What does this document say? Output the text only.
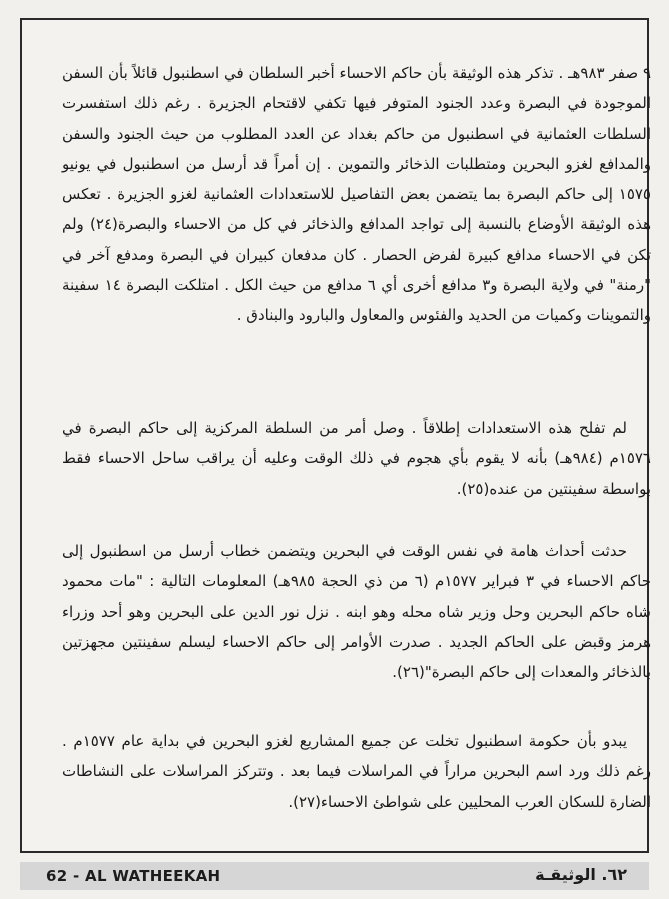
٩ صفر ٩٨٣هـ . تذكر هذه الوثيقة بأن حاكم الاحساء أخبر السلطان في اسطنبول قائلاً بأن السفن الموجودة في البصرة وعدد الجنود المتوفر فيها تكفي لاقتحام الجزيرة . رغم ذلك استفسرت السلطات العثمانية في اسطنبول من حاكم بغداد عن العدد المطلوب من حيث الجنود والسفن والمدافع لغزو البحرين ومتطلبات الذخائر والتموين . إن أمراً قد أرسل من اسطنبول في يونيو ١٥٧٥ إلى حاكم البصرة بما يتضمن بعض التفاصيل للاستعدادات العثمانية لغزو الجزيرة . تعكس هذه الوثيقة الأوضاع بالنسبة إلى تواجد المدافع والذخائر في كل من الاحساء والبصرة(٢٤) ولم تكن في الاحساء مدافع كبيرة لفرض الحصار . كان مدفعان كبيران في البصرة ومدفع آخر في "رمنة" في ولاية البصرة و٣ مدافع أخرى أي ٦ مدافع من حيث الكل . امتلكت البصرة ١٤ سفينة والتموينات وكميات من الحديد والفئوس والمعاول والبارود والبنادق .

لم تفلح هذه الاستعدادات إطلاقاً . وصل أمر من السلطة المركزية إلى حاكم البصرة في ١٥٧٦م (٩٨٤هـ) بأنه لا يقوم بأي هجوم في ذلك الوقت وعليه أن يراقب ساحل الاحساء فقط بواسطة سفينتين من عنده(٢٥).

حدثت أحداث هامة في نفس الوقت في البحرين ويتضمن خطاب أرسل من اسطنبول إلى حاكم الاحساء في ٣ فبراير ١٥٧٧م (٦ من ذي الحجة ٩٨٥هـ) المعلومات التالية : "مات محمود شاه حاكم البحرين وحل وزير شاه محله وهو ابنه . نزل نور الدين على البحرين وهو أحد وزراء هرمز وقبض على الحاكم الجديد . صدرت الأوامر إلى حاكم الاحساء ليسلم سفينتين مجهزتين بالذخائر والمعدات إلى حاكم البصرة"(٢٦).

يبدو بأن حكومة اسطنبول تخلت عن جميع المشاريع لغزو البحرين في بداية عام ١٥٧٧م . رغم ذلك ورد اسم البحرين مراراً في المراسلات فيما بعد . وتتركز المراسلات على النشاطات الضارة للسكان العرب المحليين على شواطئ الاحساء(٢٧).

62 - AL WATHEEKAH	٦٢. الوثيقـة
